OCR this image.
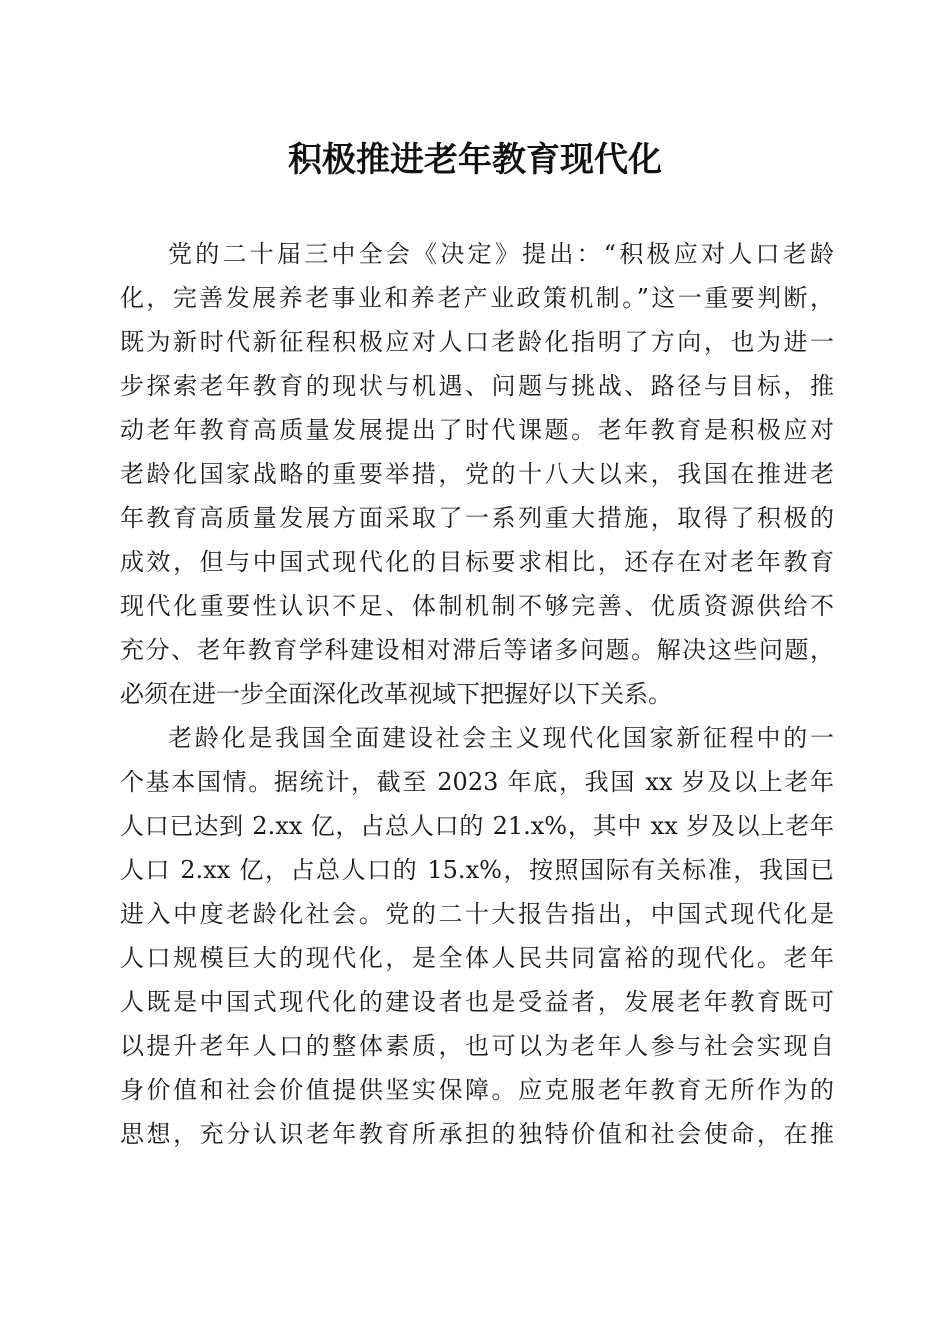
积极推进老年教育现代化
党的二十届三中全会《决定》提出：“积极应对人口老龄
化，完善发展养老事业和养老产业政策机制。”这一重要判断，
既为新时代新征程积极应对人口老龄化指明了方向，也为进一
步探索老年教育的现状与机遇、问题与挑战、路径与目标，推
动老年教育高质量发展提出了时代课题。老年教育是积极应对
老龄化国家战略的重要举措，党的十八大以来，我国在推进老
年教育高质量发展方面采取了一系列重大措施，取得了积极的
成效，但与中国式现代化的目标要求相比，还存在对老年教育
现代化重要性认识不足、体制机制不够完善、优质资源供给不
充分、老年教育学科建设相对滞后等诸多问题。解决这些问题，
必须在进一步全面深化改革视域下把握好以下关系。
老龄化是我国全面建设社会主义现代化国家新征程中的一
个基本国情。据统计，截至 2023 年底，我国 xx 岁及以上老年
人口已达到 2.xx 亿，占总人口的 21.x%，其中 xx 岁及以上老年
人口 2.xx 亿，占总人口的 15.x%，按照国际有关标准，我国已
进入中度老龄化社会。党的二十大报告指出，中国式现代化是
人口规模巨大的现代化，是全体人民共同富裕的现代化。老年
人既是中国式现代化的建设者也是受益者，发展老年教育既可
以提升老年人口的整体素质，也可以为老年人参与社会实现自
身价值和社会价值提供坚实保障。应克服老年教育无所作为的
思想，充分认识老年教育所承担的独特价值和社会使命，在推
